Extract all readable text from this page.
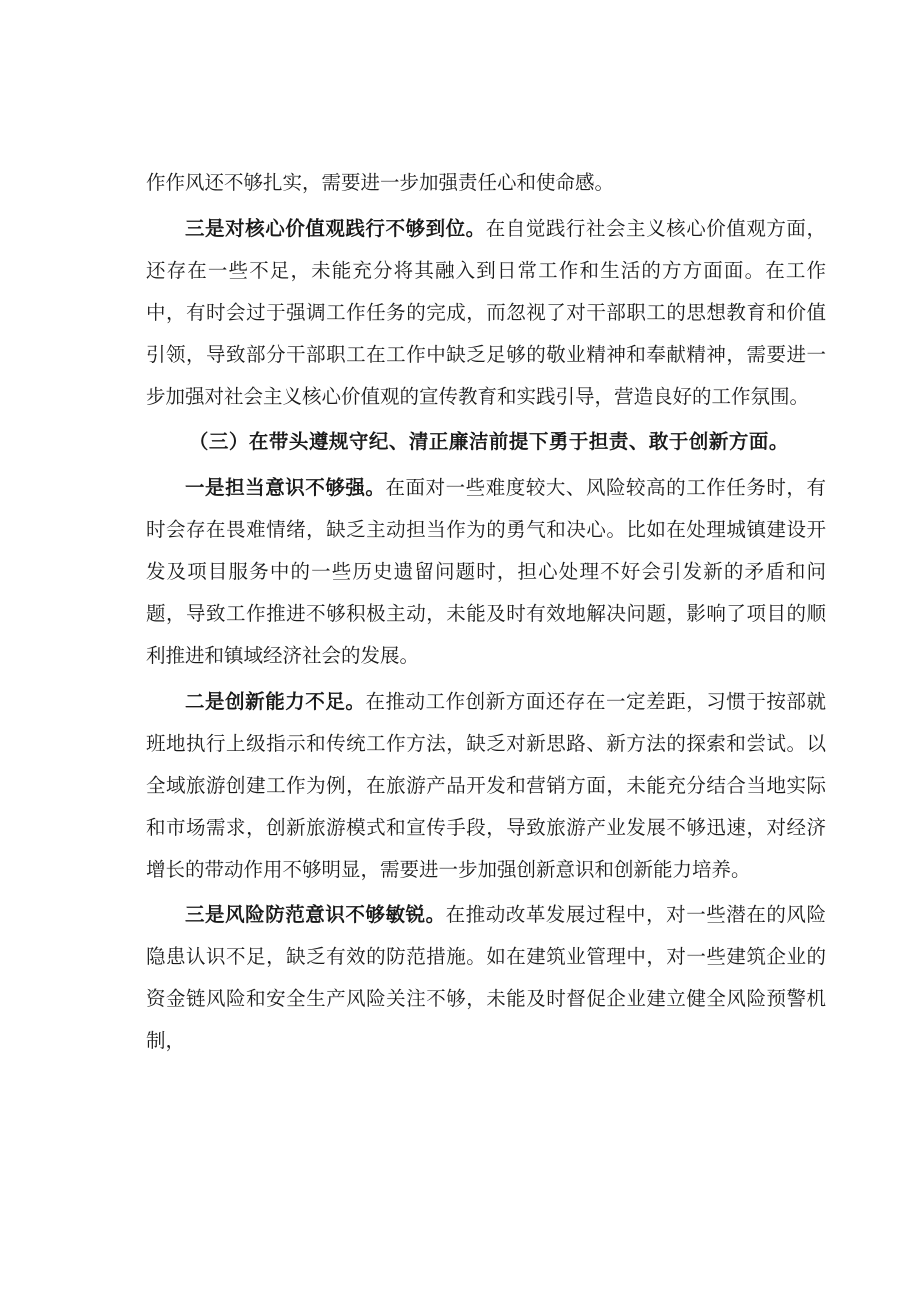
作作风还不够扎实，需要进一步加强责任心和使命感。

三是对核心价值观践行不够到位。在自觉践行社会主义核心价值观方面，还存在一些不足，未能充分将其融入到日常工作和生活的方方面面。在工作中，有时会过于强调工作任务的完成，而忽视了对干部职工的思想教育和价值引领，导致部分干部职工在工作中缺乏足够的敬业精神和奉献精神，需要进一步加强对社会主义核心价值观的宣传教育和实践引导，营造良好的工作氛围。

（三）在带头遵规守纪、清正廉洁前提下勇于担责、敢于创新方面。

一是担当意识不够强。在面对一些难度较大、风险较高的工作任务时，有时会存在畏难情绪，缺乏主动担当作为的勇气和决心。比如在处理城镇建设开发及项目服务中的一些历史遗留问题时，担心处理不好会引发新的矛盾和问题，导致工作推进不够积极主动，未能及时有效地解决问题，影响了项目的顺利推进和镇域经济社会的发展。

二是创新能力不足。在推动工作创新方面还存在一定差距，习惯于按部就班地执行上级指示和传统工作方法，缺乏对新思路、新方法的探索和尝试。以全域旅游创建工作为例，在旅游产品开发和营销方面，未能充分结合当地实际和市场需求，创新旅游模式和宣传手段，导致旅游产业发展不够迅速，对经济增长的带动作用不够明显，需要进一步加强创新意识和创新能力培养。

三是风险防范意识不够敏锐。在推动改革发展过程中，对一些潜在的风险隐患认识不足，缺乏有效的防范措施。如在建筑业管理中，对一些建筑企业的资金链风险和安全生产风险关注不够，未能及时督促企业建立健全风险预警机制，
